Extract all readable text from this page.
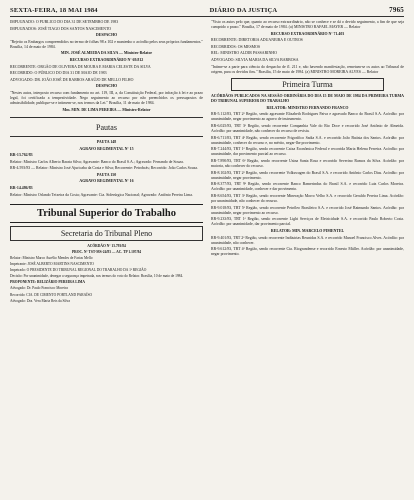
SEXTA-FEIRA, 18 MAI 1984	DIÁRIO DA JUSTIÇA	7965

IMPUGNADO: O PÚBLICO DO DIA 31 DE SETEMBRO DE 1983

IMPUGNADOS: JOSÉ TIAGO DOS SANTOS NASCIMENTO

DESPACHO

"Rejeito os Embargos compreendidos no termo de folhas 98 a 102 e mantenho o acórdão pelos seus próprios fundamentos." Brasília, 14 de maio de 1984.

MIN. JOSÉ ALMEIDA DA SILVA — Ministro-Relator

RECURSO EXTRAORDINÁRIO Nº 69.812

RECORRENTE: ORGÃO DE OLIVEIRA DE MOURA E MARIA CELESTE DA SILVA

RECORRIDO: O PÚBLICO DO DIA 31 DE MAIO DE 1983

ADVOGADO: DR. JOÃO JOSÉ DE BARROS ARAÚJO DE MELLO FILHO

DESPACHO

"Nestes autos, interposto recurso com fundamento no art. 119, III, a, da Constituição Federal, por infração à lei e ao prazo legal, foi certificada a tempestividade. Nego seguimento ao recurso por não preenchidos os pressupostos de admissibilidade, publique-se e intimem-se, nos termos da Lei." Brasília, 11 de maio de 1984.

Mm. MIN. DE LIMA PEREIRA — Ministro-Relator

Pautas

PAUTA 148

AGRAVO REGIMENTAL Nº 15

RR-13.762/83

Relator: Ministro Carlos Alberto Barata Silva; Agravante: Banco do Brasil S.A.; Agravado: Fernando de Souza.

RR-4.593/83 — Relator: Ministro José Ajuricaba da Costa e Silva; Recorrente: Petrobrás; Recorrido: João Carlos Sousa.

PAUTA 150

AGRAVO REGIMENTAL Nº 16

RR-14.486/83

Relator: Ministro Orlando Teixeira da Costa; Agravante: Cia. Siderúrgica Nacional; Agravado: Antônio Pereira Lima.

Tribunal Superior do Trabalho
Secretaria do Tribunal Pleno

ACÓRDÃO Nº 13.793/84

PROC. Nº TST-MS-24/83 — AC. TP 1.107/84

Relator: Ministro Marco Aurélio Mendes de Farias Mello

Impetrante: JOSÉ ALBERTO MARTINS NASCIMENTO

Impetrado: O PRESIDENTE DO TRIBUNAL REGIONAL DO TRABALHO DA 1ª REGIÃO

Decisão: Por unanimidade, denegar a segurança impetrada, nos termos do voto do Relator. Brasília, 10 de maio de 1984.

PROPONENTE: BELIZÁRIO PEREIRA LIMA

Advogado: Dr. Paulo Francisco Moreira

Recorrido: CIA. DE CIMENTO PORTLAND PARAÍSO

Advogado: Dra. Vera Maria Reis da Silva

"Visto os autos pelo que, quanto ao recurso extraordinário, não se conhece e se dá o devido seguimento, a fim de que seja cumprido o prazo." Brasília, 17 de maio de 1984. (a) MINISTRO RAFAEL MAYER — Relator

RECURSO EXTRAORDINÁRIO Nº 71.403

RECORRENTE: DIRETORIA ADUANEIRA E OUTROS

RECORRIDOS: OS MESMOS

REL: MINISTRO ALDIR PASSARINHO

ADVOGADO: SILVIA MARIA DA SILVA BARBOSA

"Intime-se a parte para ciência do despacho de fl. 211 e, não havendo manifestação, remetam-se os autos ao Tribunal de origem, para os devidos fins." Brasília, 15 de maio de 1984. (a) MINISTRO MOREIRA ALVES — Relator

Primeira Turma

ACÓRDÃOS PUBLICADOS NA SESSÃO ORDINÁRIA DO DIA 15 DE MAIO DE 1984 DA PRIMEIRA TURMA DO TRIBUNAL SUPERIOR DO TRABALHO

RELATOR: MINISTRO FERNANDO FRANCO

RR-5.112/83, TRT 2ª Região, sendo agravante Elizabeth Rodrigues Paiva e agravado Banco do Brasil S.A. Acórdão: por unanimidade, negar provimento ao agravo de instrumento.

RR-6.025/83, TRT 3ª Região, sendo recorrente Companhia Vale do Rio Doce e recorrido José Antônio de Almeida. Acórdão: por unanimidade, não conhecer do recurso de revista.

RR-6.711/83, TRT 4ª Região, sendo recorrente Frigorífico Sadia S.A. e recorrido João Batista dos Santos. Acórdão: por unanimidade, conhecer do recurso e, no mérito, negar-lhe provimento.

RR-7.244/83, TRT 1ª Região, sendo recorrente Caixa Econômica Federal e recorrida Maria Helena Ferreira. Acórdão: por unanimidade, dar provimento parcial ao recurso.

RR-7.890/83, TRT 6ª Região, sendo recorrente Usina Santa Rosa e recorrido Severino Ramos da Silva. Acórdão: por maioria, não conhecer do recurso.

RR-8.102/83, TRT 2ª Região, sendo recorrente Volkswagen do Brasil S.A. e recorrido Antônio Carlos Dias. Acórdão: por unanimidade, negar provimento.

RR-8.377/83, TRT 9ª Região, sendo recorrente Banco Bamerindus do Brasil S.A. e recorrido Luiz Carlos Moreira. Acórdão: por unanimidade, conhecer e dar provimento.

RR-8.654/83, TRT 3ª Região, sendo recorrente Mineração Morro Velho S.A. e recorrido Geraldo Pereira Lima. Acórdão: por unanimidade, não conhecer do recurso.

RR-9.018/83, TRT 5ª Região, sendo recorrente Petróleo Brasileiro S.A. e recorrido José Raimundo Santos. Acórdão: por unanimidade, negar provimento ao recurso.

RR-9.233/83, TRT 1ª Região, sendo recorrente Light Serviços de Eletricidade S.A. e recorrido Paulo Roberto Costa. Acórdão: por unanimidade, dar provimento parcial.

RELATOR: MIN. MARCELO PIMENTEL

RR-9.401/83, TRT 2ª Região, sendo recorrente Indústrias Reunidas S.A. e recorrido Manoel Francisco Alves. Acórdão: por unanimidade, não conhecer.

RR-9.612/83, TRT 4ª Região, sendo recorrente Cia. Riograndense e recorrido Ernesto Müller. Acórdão: por unanimidade, negar provimento.
